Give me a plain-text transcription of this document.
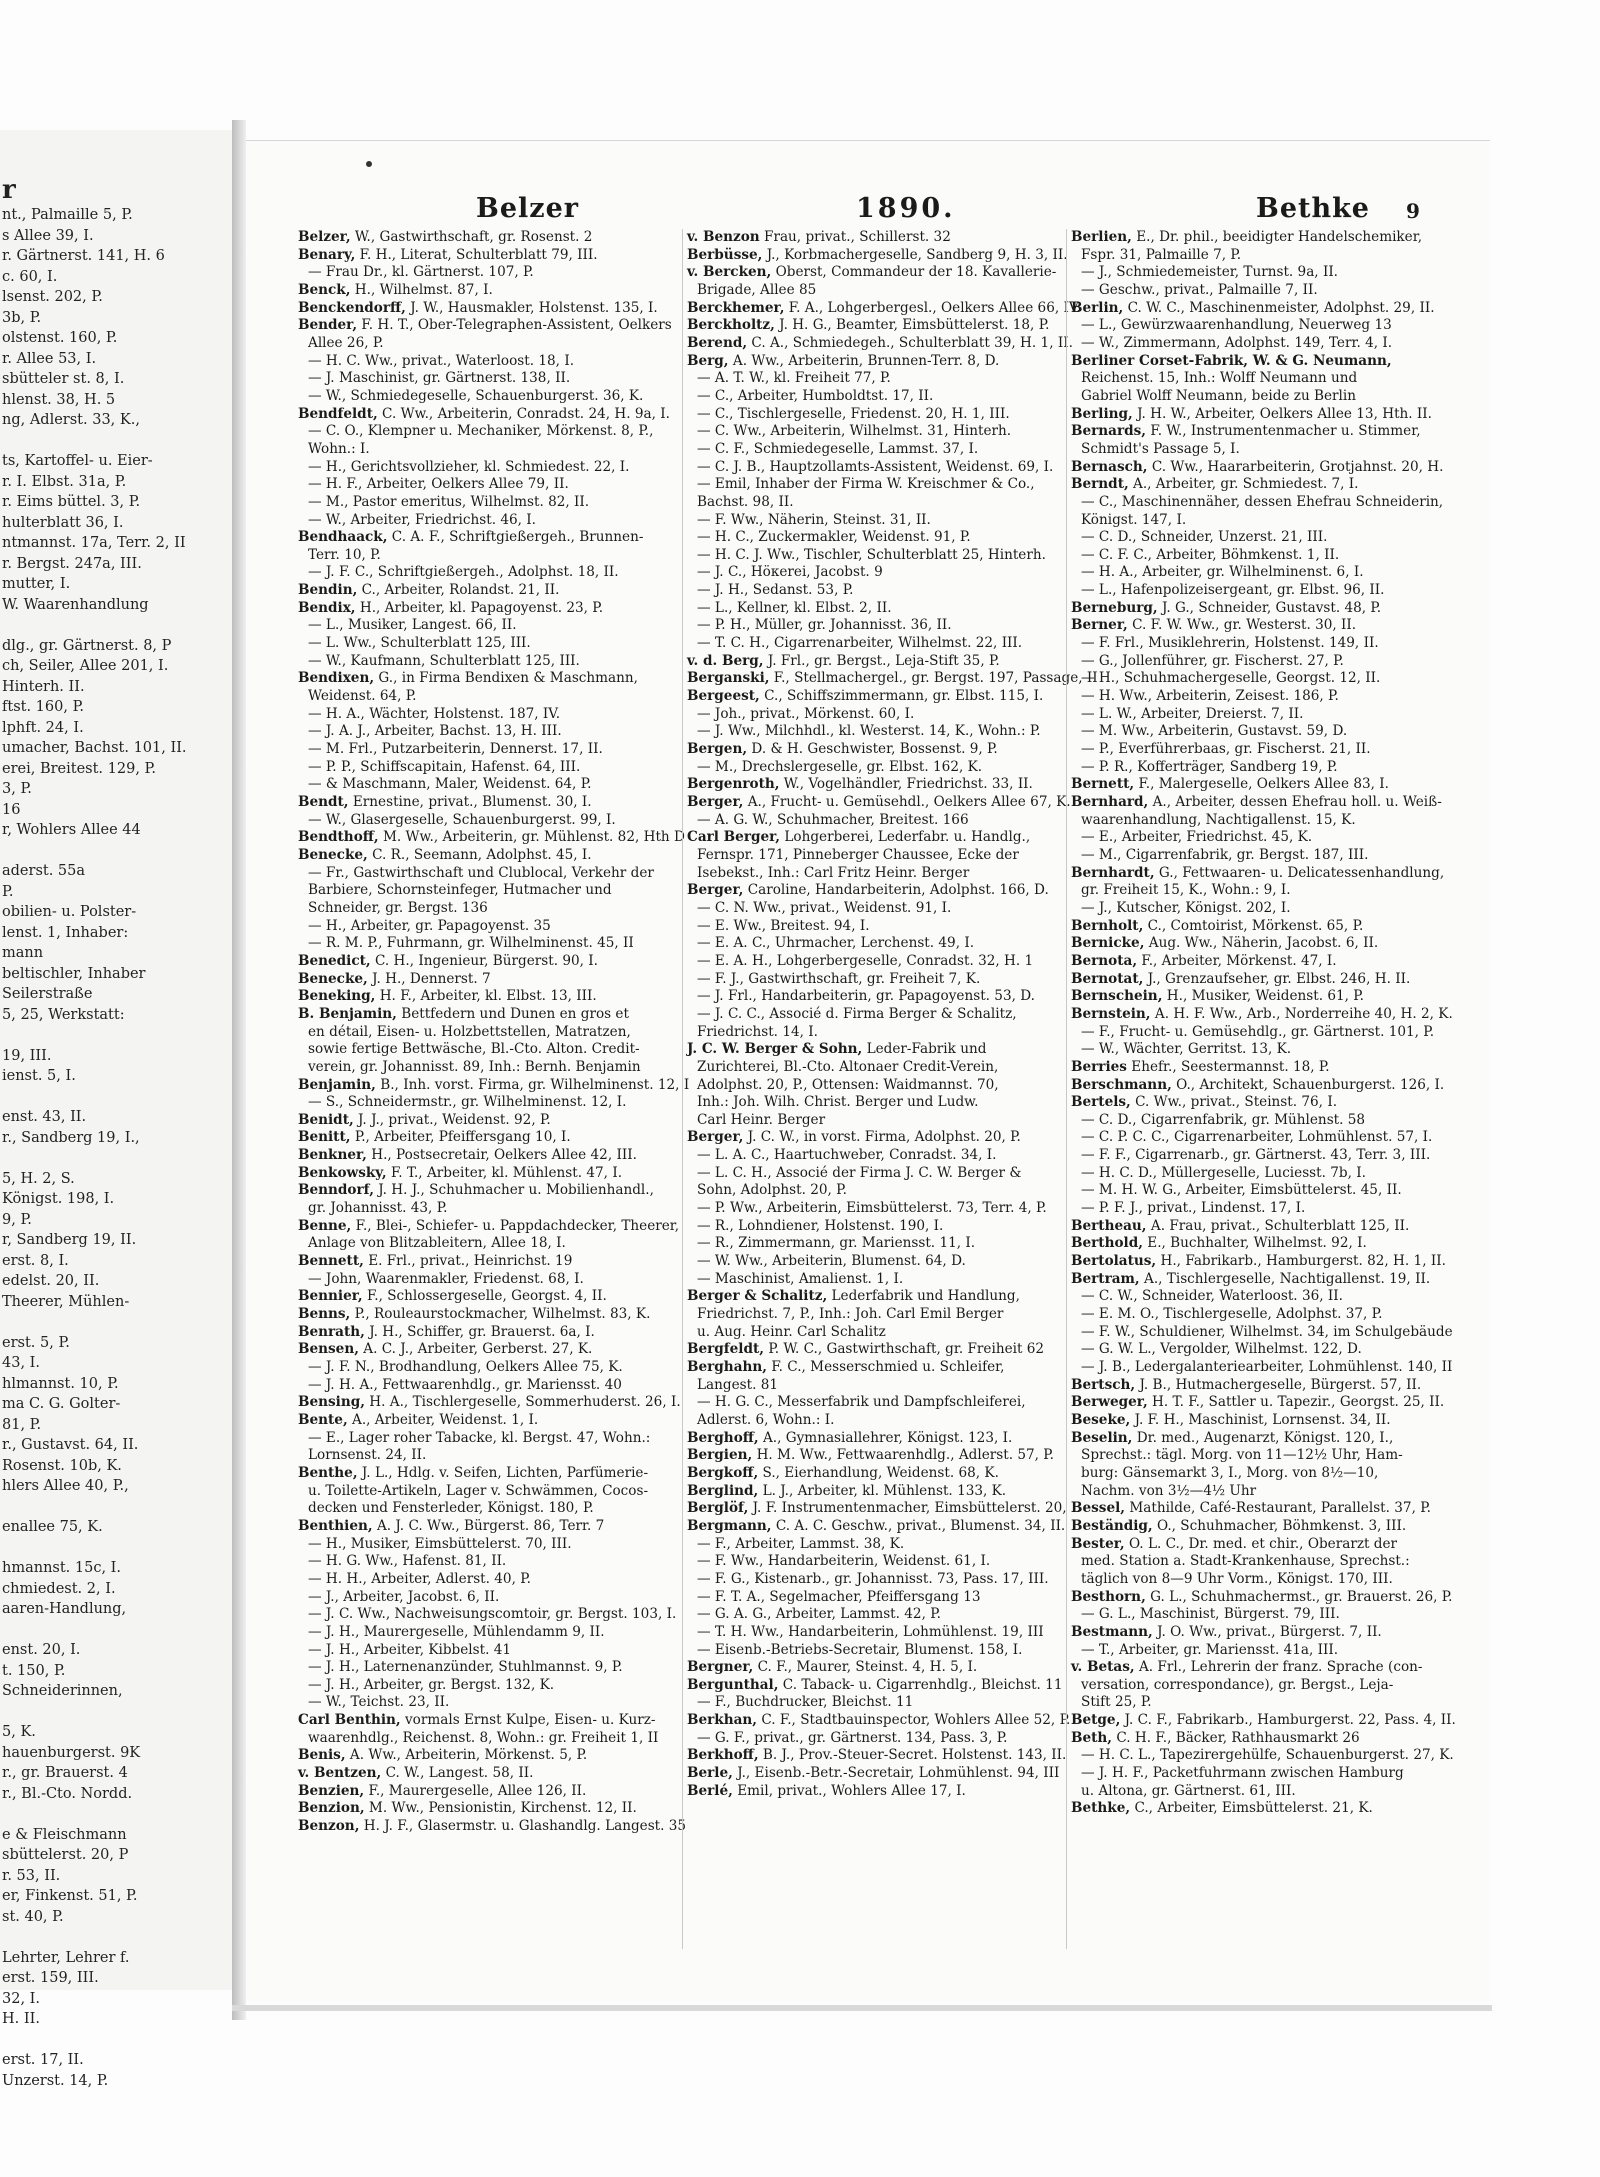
r
nt., Palmaille 5, P.
s Allee 39, I.
r. Gärtnerst. 141, H. 6
c. 60, I.
lsenst. 202, P.
3b, P.
olstenst. 160, P.
r. Allee 53, I.
sbütteler st. 8, I.
hlenst. 38, H. 5
ng, Adlerst. 33, K.,

ts, Kartoffel- u. Eier-
r. I. Elbst. 31a, P.
r. Eims büttel. 3, P.
hulterblatt 36, I.
ntmannst. 17a, Terr. 2, II
r. Bergst. 247a, III.
mutter, I.
W. Waarenhandlung

dlg., gr. Gärtnerst. 8, P
ch, Seiler, Allee 201, I.
Hinterh. II.
ftst. 160, P.
lphft. 24, I.
umacher, Bachst. 101, II.
erei, Breitest. 129, P.
3, P.
16
r, Wohlers Allee 44

aderst. 55a
P.
obilien- u. Polster-
lenst. 1, Inhaber:
mann
beltischler, Inhaber
Seilerstraße
5, 25, Werkstatt:

19, III.
ienst. 5, I.

enst. 43, II.
r., Sandberg 19, I.,

5, H. 2, S.
Königst. 198, I.
9, P.
r, Sandberg 19, II.
erst. 8, I.
edelst. 20, II.
Theerer, Mühlen-

erst. 5, P.
43, I.
hlmannst. 10, P.
ma C. G. Golter-
81, P.
r., Gustavst. 64, II.
Rosenst. 10b, K.
hlers Allee 40, P.,

enallee 75, K.

hmannst. 15c, I.
chmiedest. 2, I.
aaren-Handlung,

enst. 20, I.
t. 150, P.
Schneiderinnen,

5, K.
hauenburgerst. 9K
r., gr. Brauerst. 4
r., Bl.-Cto. Nordd.

e & Fleischmann
sbüttelerst. 20, P
r. 53, II.
er, Finkenst. 51, P.
st. 40, P.

Lehrter, Lehrer f.
erst. 159, III.
32, I.
H. II.

erst. 17, II.
Unzerst. 14, P.
Belzer	1890.	Bethke 9
Belzer, W., Gastwirthschaft, gr. Rosenst. 2
Benary, F. H., Literat, Schulterblatt 79, III.
— Frau Dr., kl. Gärtnerst. 107, P.
Benck, H., Wilhelmst. 87, I.
Benckendorff, J. W., Hausmakler, Holstenst. 135, I.
Bender, F. H. T., Ober-Telegraphen-Assistent, Oelkers
Allee 26, P.
— H. C. Ww., privat., Waterloost. 18, I.
— J. Maschinist, gr. Gärtnerst. 138, II.
— W., Schmiedegeselle, Schauenburgerst. 36, K.
Bendfeldt, C. Ww., Arbeiterin, Conradst. 24, H. 9a, I.
— C. O., Klempner u. Mechaniker, Mörkenst. 8, P.,
Wohn.: I.
— H., Gerichtsvollzieher, kl. Schmiedest. 22, I.
— H. F., Arbeiter, Oelkers Allee 79, II.
— M., Pastor emeritus, Wilhelmst. 82, II.
— W., Arbeiter, Friedrichst. 46, I.
Bendhaack, C. A. F., Schriftgießergeh., Brunnen-
Terr. 10, P.
— J. F. C., Schriftgießergeh., Adolphst. 18, II.
Bendin, C., Arbeiter, Rolandst. 21, II.
Bendix, H., Arbeiter, kl. Papagoyenst. 23, P.
— L., Musiker, Langest. 66, II.
— L. Ww., Schulterblatt 125, III.
— W., Kaufmann, Schulterblatt 125, III.
Bendixen, G., in Firma Bendixen & Maschmann,
Weidenst. 64, P.
— H. A., Wächter, Holstenst. 187, IV.
— J. A. J., Arbeiter, Bachst. 13, H. III.
— M. Frl., Putzarbeiterin, Dennerst. 17, II.
— P. P., Schiffscapitain, Hafenst. 64, III.
— & Maschmann, Maler, Weidenst. 64, P.
Bendt, Ernestine, privat., Blumenst. 30, I.
— W., Glasergeselle, Schauenburgerst. 99, I.
Bendthoff, M. Ww., Arbeiterin, gr. Mühlenst. 82, Hth D
Benecke, C. R., Seemann, Adolphst. 45, I.
— Fr., Gastwirthschaft und Clublocal, Verkehr der
Barbiere, Schornsteinfeger, Hutmacher und
Schneider, gr. Bergst. 136
— H., Arbeiter, gr. Papagoyenst. 35
— R. M. P., Fuhrmann, gr. Wilhelminenst. 45, II
Benedict, C. H., Ingenieur, Bürgerst. 90, I.
Benecke, J. H., Dennerst. 7
Beneking, H. F., Arbeiter, kl. Elbst. 13, III.
B. Benjamin, Bettfedern und Dunen en gros et
en détail, Eisen- u. Holzbettstellen, Matratzen,
sowie fertige Bettwäsche, Bl.-Cto. Alton. Credit-
verein, gr. Johannisst. 89, Inh.: Bernh. Benjamin
Benjamin, B., Inh. vorst. Firma, gr. Wilhelminenst. 12, I
— S., Schneidermstr., gr. Wilhelminenst. 12, I.
Benidt, J. J., privat., Weidenst. 92, P.
Benitt, P., Arbeiter, Pfeiffersgang 10, I.
Benkner, H., Postsecretair, Oelkers Allee 42, III.
Benkowsky, F. T., Arbeiter, kl. Mühlenst. 47, I.
Benndorf, J. H. J., Schuhmacher u. Mobilienhandl.,
gr. Johannisst. 43, P.
Benne, F., Blei-, Schiefer- u. Pappdachdecker, Theerer,
Anlage von Blitzableitern, Allee 18, I.
Bennett, E. Frl., privat., Heinrichst. 19
— John, Waarenmakler, Friedenst. 68, I.
Bennier, F., Schlossergeselle, Georgst. 4, II.
Benns, P., Rouleaurstockmacher, Wilhelmst. 83, K.
Benrath, J. H., Schiffer, gr. Brauerst. 6a, I.
Bensen, A. C. J., Arbeiter, Gerberst. 27, K.
— J. F. N., Brodhandlung, Oelkers Allee 75, K.
— J. H. A., Fettwaarenhdlg., gr. Mariensst. 40
Bensing, H. A., Tischlergeselle, Sommerhuderst. 26, I.
Bente, A., Arbeiter, Weidenst. 1, I.
— E., Lager roher Tabacke, kl. Bergst. 47, Wohn.:
Lornsenst. 24, II.
Benthe, J. L., Hdlg. v. Seifen, Lichten, Parfümerie-
u. Toilette-Artikeln, Lager v. Schwämmen, Cocos-
decken und Fensterleder, Königst. 180, P.
Benthien, A. J. C. Ww., Bürgerst. 86, Terr. 7
— H., Musiker, Eimsbüttelerst. 70, III.
— H. G. Ww., Hafenst. 81, II.
— H. H., Arbeiter, Adlerst. 40, P.
— J., Arbeiter, Jacobst. 6, II.
— J. C. Ww., Nachweisungscomtoir, gr. Bergst. 103, I.
— J. H., Maurergeselle, Mühlendamm 9, II.
— J. H., Arbeiter, Kibbelst. 41
— J. H., Laternenanzünder, Stuhlmannst. 9, P.
— J. H., Arbeiter, gr. Bergst. 132, K.
— W., Teichst. 23, II.
Carl Benthin, vormals Ernst Kulpe, Eisen- u. Kurz-
waarenhdlg., Reichenst. 8, Wohn.: gr. Freiheit 1, II
Benis, A. Ww., Arbeiterin, Mörkenst. 5, P.
v. Bentzen, C. W., Langest. 58, II.
Benzien, F., Maurergeselle, Allee 126, II.
Benzion, M. Ww., Pensionistin, Kirchenst. 12, II.
Benzon, H. J. F., Glasermstr. u. Glashandlg. Langest. 35
v. Benzon Frau, privat., Schillerst. 32
Berbüsse, J., Korbmachergeselle, Sandberg 9, H. 3, II.
v. Bercken, Oberst, Commandeur der 18. Kavallerie-
Brigade, Allee 85
Berckhemer, F. A., Lohgerbergesl., Oelkers Allee 66, IV.
Berckholtz, J. H. G., Beamter, Eimsbüttelerst. 18, P.
Berend, C. A., Schmiedegeh., Schulterblatt 39, H. 1, II.
Berg, A. Ww., Arbeiterin, Brunnen-Terr. 8, D.
— A. T. W., kl. Freiheit 77, P.
— C., Arbeiter, Humboldtst. 17, II.
— C., Tischlergeselle, Friedenst. 20, H. 1, III.
— C. Ww., Arbeiterin, Wilhelmst. 31, Hinterh.
— C. F., Schmiedegeselle, Lammst. 37, I.
— C. J. B., Hauptzollamts-Assistent, Weidenst. 69, I.
— Emil, Inhaber der Firma W. Kreischmer & Co.,
Bachst. 98, II.
— F. Ww., Näherin, Steinst. 31, II.
— H. C., Zuckermakler, Weidenst. 91, P.
— H. C. J. Ww., Tischler, Schulterblatt 25, Hinterh.
— J. C., Höкerei, Jacobst. 9
— J. H., Sedanst. 53, P.
— L., Kellner, kl. Elbst. 2, II.
— P. H., Müller, gr. Johannisst. 36, II.
— T. C. H., Cigarrenarbeiter, Wilhelmst. 22, III.
v. d. Berg, J. Frl., gr. Bergst., Leja-Stift 35, P.
Berganski, F., Stellmachergel., gr. Bergst. 197, Passage, II
Bergeest, C., Schiffszimmermann, gr. Elbst. 115, I.
— Joh., privat., Mörkenst. 60, I.
— J. Ww., Milchhdl., kl. Westerst. 14, K., Wohn.: P.
Bergen, D. & H. Geschwister, Bossenst. 9, P.
— M., Drechslergeselle, gr. Elbst. 162, K.
Bergenroth, W., Vogelhändler, Friedrichst. 33, II.
Berger, A., Frucht- u. Gemüsehdl., Oelkers Allee 67, K.
— A. G. W., Schuhmacher, Breitest. 166
Carl Berger, Lohgerberei, Lederfabr. u. Handlg.,
Fernspr. 171, Pinneberger Chaussee, Ecke der
Isebekst., Inh.: Carl Fritz Heinr. Berger
Berger, Caroline, Handarbeiterin, Adolphst. 166, D.
— C. N. Ww., privat., Weidenst. 91, I.
— E. Ww., Breitest. 94, I.
— E. A. C., Uhrmacher, Lerchenst. 49, I.
— E. A. H., Lohgerbergeselle, Conradst. 32, H. 1
— F. J., Gastwirthschaft, gr. Freiheit 7, K.
— J. Frl., Handarbeiterin, gr. Papagoyenst. 53, D.
— J. C. C., Associé d. Firma Berger & Schalitz,
Friedrichst. 14, I.
J. C. W. Berger & Sohn, Leder-Fabrik und
Zurichterei, Bl.-Cto. Altonaer Credit-Verein,
Adolphst. 20, P., Ottensen: Waidmannst. 70,
Inh.: Joh. Wilh. Christ. Berger und Ludw.
Carl Heinr. Berger
Berger, J. C. W., in vorst. Firma, Adolphst. 20, P.
— L. A. C., Haartuchweber, Conradst. 34, I.
— L. C. H., Associé der Firma J. C. W. Berger &
Sohn, Adolphst. 20, P.
— P. Ww., Arbeiterin, Eimsbüttelerst. 73, Terr. 4, P.
— R., Lohndiener, Holstenst. 190, I.
— R., Zimmermann, gr. Mariensst. 11, I.
— W. Ww., Arbeiterin, Blumenst. 64, D.
— Maschinist, Amalienst. 1, I.
Berger & Schalitz, Lederfabrik und Handlung,
Friedrichst. 7, P., Inh.: Joh. Carl Emil Berger
u. Aug. Heinr. Carl Schalitz
Bergfeldt, P. W. C., Gastwirthschaft, gr. Freiheit 62
Berghahn, F. C., Messerschmied u. Schleifer,
Langest. 81
— H. G. C., Messerfabrik und Dampfschleiferei,
Adlerst. 6, Wohn.: I.
Berghoff, A., Gymnasiallehrer, Königst. 123, I.
Bergien, H. M. Ww., Fettwaarenhdlg., Adlerst. 57, P.
Bergkoff, S., Eierhandlung, Weidenst. 68, K.
Berglind, L. J., Arbeiter, kl. Mühlenst. 133, K.
Berglöf, J. F. Instrumentenmacher, Eimsbüttelerst. 20, I.
Bergmann, C. A. C. Geschw., privat., Blumenst. 34, II.
— F., Arbeiter, Lammst. 38, K.
— F. Ww., Handarbeiterin, Weidenst. 61, I.
— F. G., Kistenarb., gr. Johannisst. 73, Pass. 17, III.
— F. T. A., Segelmacher, Pfeiffersgang 13
— G. A. G., Arbeiter, Lammst. 42, P.
— T. H. Ww., Handarbeiterin, Lohmühlenst. 19, III
— Eisenb.-Betriebs-Secretair, Blumenst. 158, I.
Bergner, C. F., Maurer, Steinst. 4, H. 5, I.
Bergunthal, C. Taback- u. Cigarrenhdlg., Bleichst. 11
— F., Buchdrucker, Bleichst. 11
Berkhan, C. F., Stadtbauinspector, Wohlers Allee 52, P.
— G. F., privat., gr. Gärtnerst. 134, Pass. 3, P.
Berkhoff, B. J., Prov.-Steuer-Secret. Holstenst. 143, II.
Berle, J., Eisenb.-Betr.-Secretair, Lohmühlenst. 94, III
Berlé, Emil, privat., Wohlers Allee 17, I.
Berlien, E., Dr. phil., beeidigter Handelschemiker,
Fspr. 31, Palmaille 7, P.
— J., Schmiedemeister, Turnst. 9a, II.
— Geschw., privat., Palmaille 7, II.
Berlin, C. W. C., Maschinenmeister, Adolphst. 29, II.
— L., Gewürzwaarenhandlung, Neuerweg 13
— W., Zimmermann, Adolphst. 149, Terr. 4, I.
Berliner Corset-Fabrik, W. & G. Neumann,
Reichenst. 15, Inh.: Wolff Neumann und
Gabriel Wolff Neumann, beide zu Berlin
Berling, J. H. W., Arbeiter, Oelkers Allee 13, Hth. II.
Bernards, F. W., Instrumentenmacher u. Stimmer,
Schmidt's Passage 5, I.
Bernasch, C. Ww., Haararbeiterin, Grotjahnst. 20, H.
Berndt, A., Arbeiter, gr. Schmiedest. 7, I.
— C., Maschinennäher, dessen Ehefrau Schneiderin,
Königst. 147, I.
— C. D., Schneider, Unzerst. 21, III.
— C. F. C., Arbeiter, Böhmkenst. 1, II.
— H. A., Arbeiter, gr. Wilhelminenst. 6, I.
— L., Hafenpolizeisergeant, gr. Elbst. 96, II.
Berneburg, J. G., Schneider, Gustavst. 48, P.
Berner, C. F. W. Ww., gr. Westerst. 30, II.
— F. Frl., Musiklehrerin, Holstenst. 149, II.
— G., Jollenführer, gr. Fischerst. 27, P.
— H., Schuhmachergeselle, Georgst. 12, II.
— H. Ww., Arbeiterin, Zeisest. 186, P.
— L. W., Arbeiter, Dreierst. 7, II.
— M. Ww., Arbeiterin, Gustavst. 59, D.
— P., Everführerbaas, gr. Fischerst. 21, II.
— P. R., Kofferträger, Sandberg 19, P.
Bernett, F., Malergeselle, Oelkers Allee 83, I.
Bernhard, A., Arbeiter, dessen Ehefrau holl. u. Weiß-
waarenhandlung, Nachtigallenst. 15, K.
— E., Arbeiter, Friedrichst. 45, K.
— M., Cigarrenfabrik, gr. Bergst. 187, III.
Bernhardt, G., Fettwaaren- u. Delicatessenhandlung,
gr. Freiheit 15, K., Wohn.: 9, I.
— J., Kutscher, Königst. 202, I.
Bernholt, C., Comtoirist, Mörkenst. 65, P.
Bernicke, Aug. Ww., Näherin, Jacobst. 6, II.
Bernota, F., Arbeiter, Mörkenst. 47, I.
Bernotat, J., Grenzaufseher, gr. Elbst. 246, H. II.
Bernschein, H., Musiker, Weidenst. 61, P.
Bernstein, A. H. F. Ww., Arb., Norderreihe 40, H. 2, K.
— F., Frucht- u. Gemüsehdlg., gr. Gärtnerst. 101, P.
— W., Wächter, Gerritst. 13, K.
Berries Ehefr., Seestermannst. 18, P.
Berschmann, O., Architekt, Schauenburgerst. 126, I.
Bertels, C. Ww., privat., Steinst. 76, I.
— C. D., Cigarrenfabrik, gr. Mühlenst. 58
— C. P. C. C., Cigarrenarbeiter, Lohmühlenst. 57, I.
— F. F., Cigarrenarb., gr. Gärtnerst. 43, Terr. 3, III.
— H. C. D., Müllergeselle, Luciesst. 7b, I.
— M. H. W. G., Arbeiter, Eimsbüttelerst. 45, II.
— P. F. J., privat., Lindenst. 17, I.
Bertheau, A. Frau, privat., Schulterblatt 125, II.
Berthold, E., Buchhalter, Wilhelmst. 92, I.
Bertolatus, H., Fabrikarb., Hamburgerst. 82, H. 1, II.
Bertram, A., Tischlergeselle, Nachtigallenst. 19, II.
— C. W., Schneider, Waterloost. 36, II.
— E. M. O., Tischlergeselle, Adolphst. 37, P.
— F. W., Schuldiener, Wilhelmst. 34, im Schulgebäude
— G. W. L., Vergolder, Wilhelmst. 122, D.
— J. B., Ledergalanteriearbeiter, Lohmühlenst. 140, II
Bertsch, J. B., Hutmachergeselle, Bürgerst. 57, II.
Berweger, H. T. F., Sattler u. Tapezir., Georgst. 25, II.
Beseke, J. F. H., Maschinist, Lornsenst. 34, II.
Beselin, Dr. med., Augenarzt, Königst. 120, I.,
Sprechst.: tägl. Morg. von 11—12½ Uhr, Ham-
burg: Gänsemarkt 3, I., Morg. von 8½—10,
Nachm. von 3½—4½ Uhr
Bessel, Mathilde, Café-Restaurant, Parallelst. 37, P.
Beständig, O., Schuhmacher, Böhmkenst. 3, III.
Bester, O. L. C., Dr. med. et chir., Oberarzt der
med. Station a. Stadt-Krankenhause, Sprechst.:
täglich von 8—9 Uhr Vorm., Königst. 170, III.
Besthorn, G. L., Schuhmachermst., gr. Brauerst. 26, P.
— G. L., Maschinist, Bürgerst. 79, III.
Bestmann, J. O. Ww., privat., Bürgerst. 7, II.
— T., Arbeiter, gr. Mariensst. 41a, III.
v. Betas, A. Frl., Lehrerin der franz. Sprache (con-
versation, correspondance), gr. Bergst., Leja-
Stift 25, P.
Betge, J. C. F., Fabrikarb., Hamburgerst. 22, Pass. 4, II.
Beth, C. H. F., Bäcker, Rathhausmarkt 26
— H. C. L., Tapezirergehülfe, Schauenburgerst. 27, K.
— J. H. F., Packetfuhrmann zwischen Hamburg
u. Altona, gr. Gärtnerst. 61, III.
Bethke, C., Arbeiter, Eimsbüttelerst. 21, K.
